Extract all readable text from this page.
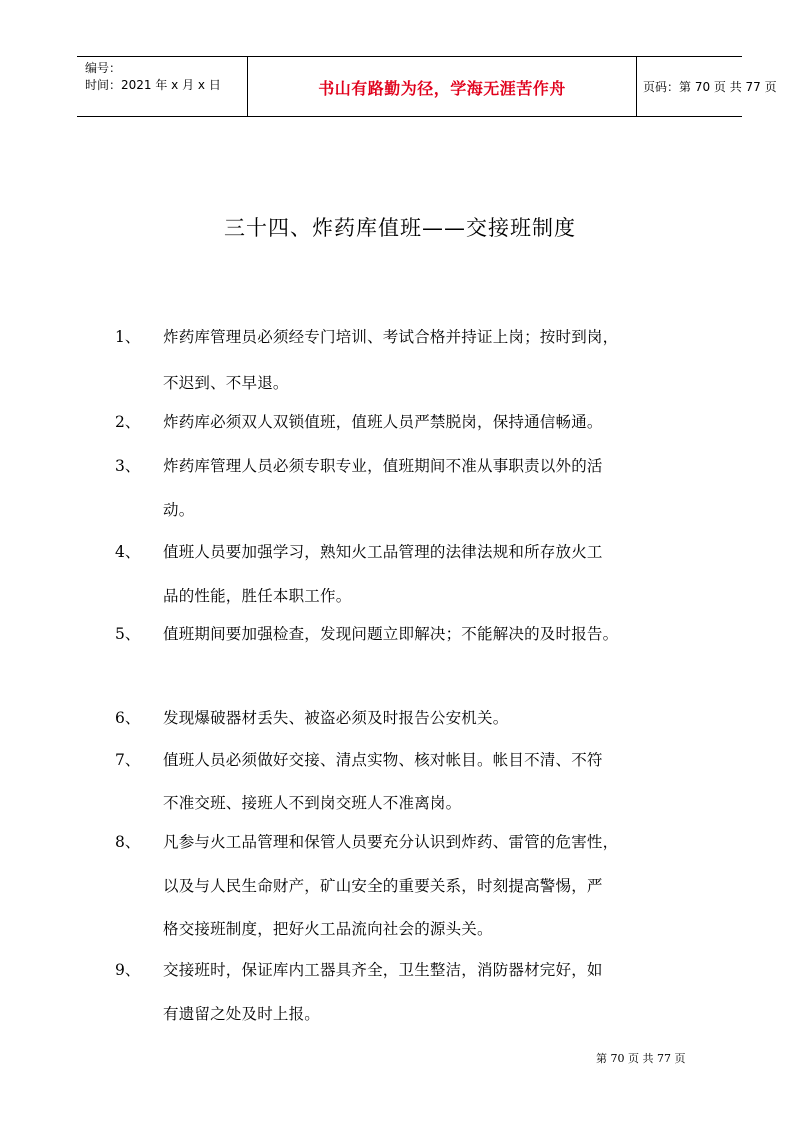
编号：
时间：2021 年 x 月 x 日	书山有路勤为径，学海无涯苦作舟	页码：第 70 页 共 77 页
三十四、炸药库值班——交接班制度
1、 炸药库管理员必须经专门培训、考试合格并持证上岗；按时到岗，
不迟到、不早退。
2、 炸药库必须双人双锁值班，值班人员严禁脱岗，保持通信畅通。
3、 炸药库管理人员必须专职专业，值班期间不准从事职责以外的活
动。
4、 值班人员要加强学习，熟知火工品管理的法律法规和所存放火工
品的性能，胜任本职工作。
5、 值班期间要加强检查，发现问题立即解决；不能解决的及时报告。
6、 发现爆破器材丢失、被盗必须及时报告公安机关。
7、 值班人员必须做好交接、清点实物、核对帐目。帐目不清、不符
不准交班、接班人不到岗交班人不准离岗。
8、 凡参与火工品管理和保管人员要充分认识到炸药、雷管的危害性，
以及与人民生命财产，矿山安全的重要关系，时刻提高警惕，严
格交接班制度，把好火工品流向社会的源头关。
9、 交接班时，保证库内工器具齐全，卫生整洁，消防器材完好，如
有遗留之处及时上报。
第 70 页 共 77 页
